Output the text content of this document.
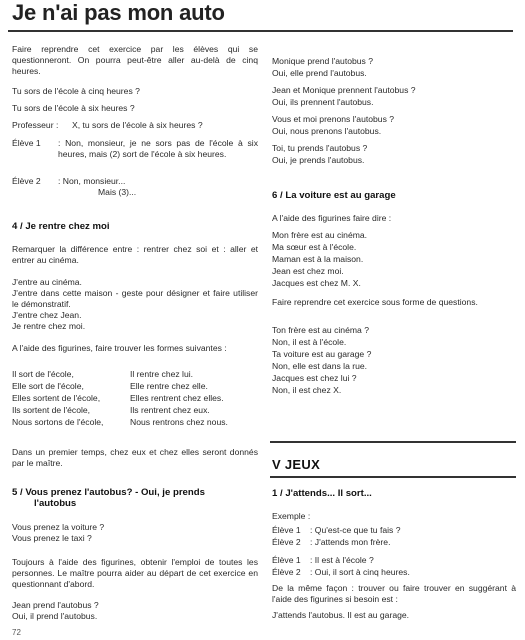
Je n'ai pas mon auto
Faire reprendre cet exercice par les élèves qui se questionneront. On pourra peut-être aller au-delà de cinq heures.
Tu sors de l'école à cinq heures ?
Tu sors de l'école à six heures ?
Professeur : X, tu sors de l'école à six heures ?
Élève 1 : Non, monsieur, je ne sors pas de l'école à six heures, mais (2) sort de l'école à six heures.
Élève 2 : Non, monsieur...
Mais (3)...
4 / Je rentre chez moi
Remarquer la différence entre : rentrer chez soi et : aller et entrer au cinéma.
J'entre au cinéma.
J'entre dans cette maison - geste pour désigner et faire utiliser le démonstratif.
J'entre chez Jean.
Je rentre chez moi.
A l'aide des figurines, faire trouver les formes suivantes :
Il sort de l'école,
Elle sort de l'école,
Elles sortent de l'école,
Ils sortent de l'école,
Nous sortons de l'école,
Il rentre chez lui.
Elle rentre chez elle.
Elles rentrent chez elles.
Ils rentrent chez eux.
Nous rentrons chez nous.
Dans un premier temps, chez eux et chez elles seront donnés par le maître.
5 / Vous prenez l'autobus? - Oui, je prends
l'autobus
Vous prenez la voiture ?
Vous prenez le taxi ?
Toujours à l'aide des figurines, obtenir l'emploi de toutes les personnes. Le maître pourra aider au départ de cet exercice en questionnant d'abord.
Jean prend l'autobus ?
Oui, il prend l'autobus.
72
Monique prend l'autobus ?
Oui, elle prend l'autobus.
Jean et Monique prennent l'autobus ?
Oui, ils prennent l'autobus.
Vous et moi prenons l'autobus ?
Oui, nous prenons l'autobus.
Toi, tu prends l'autobus ?
Oui, je prends l'autobus.
6 / La voiture est au garage
A l'aide des figurines faire dire :
Mon frère est au cinéma.
Ma sœur est à l'école.
Maman est à la maison.
Jean est chez moi.
Jacques est chez M. X.
Faire reprendre cet exercice sous forme de questions.
Ton frère est au cinéma ?
Non, il est à l'école.
Ta voiture est au garage ?
Non, elle est dans la rue.
Jacques est chez lui ?
Non, il est chez X.
V JEUX
1 / J'attends... Il sort...
Exemple :
Élève 1 : Qu'est-ce que tu fais ?
Élève 2 : J'attends mon frère.
Élève 1 : Il est à l'école ?
Élève 2 : Oui, il sort à cinq heures.
De la même façon : trouver ou faire trouver en suggérant à l'aide des figurines si besoin est :
J'attends l'autobus. Il est au garage.
